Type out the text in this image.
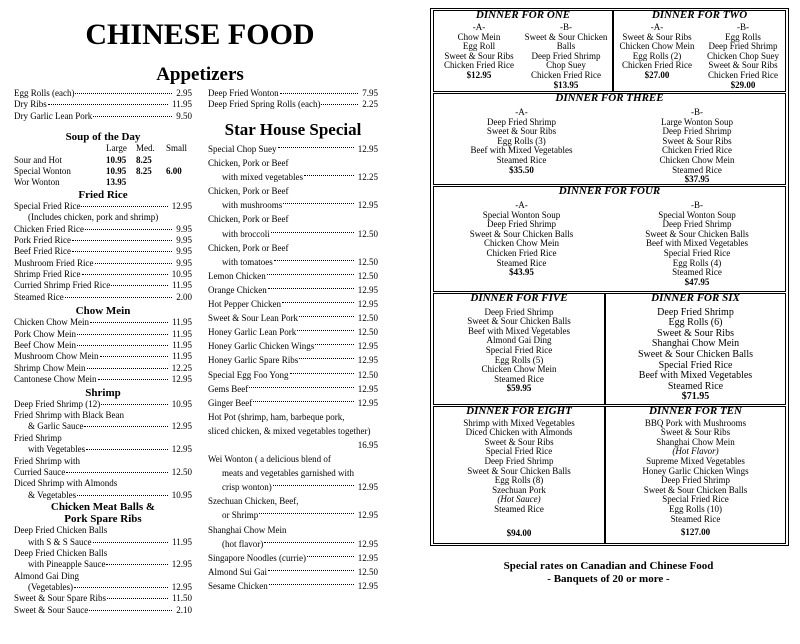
CHINESE FOOD
Appetizers
Egg Rolls (each)	2.95
Dry Ribs	11.95
Dry Garlic Lean Pork	9.50
Soup of the Day
Large Med. Small
Sour and Hot	10.95 8.25
Special Wonton	10.95 8.25 6.00
Wor Wonton	13.95
Fried Rice
Special Fried Rice	12.95
(Includes chicken, pork and shrimp)
Chicken Fried Rice	9.95
Pork Fried Rice	9.95
Beef Fried Rice	9.95
Mushroom Fried Rice	9.95
Shrimp Fried Rice	10.95
Curried Shrimp Fried Rice	11.95
Steamed Rice	2.00
Chow Mein
Chicken Chow Mein	11.95
Pork Chow Mein	11.95
Beef Chow Mein	11.95
Mushroom Chow Mein	11.95
Shrimp Chow Mein	12.25
Cantonese Chow Mein	12.95
Shrimp
Deep Fried Shrimp (12)	10.95
Fried Shrimp with Black Bean
& Garlic Sauce	12.95
Fried Shrimp
with Vegetables	12.95
Fried Shrimp with
Curried Sauce	12.50
Diced Shrimp with Almonds
& Vegetables	10.95
Chicken Meat Balls &
Pork Spare Ribs
Deep Fried Chicken Balls
with S & S Sauce	11.95
Deep Fried Chicken Balls
with Pineapple Sauce	12.95
Almond Gai Ding
(Vegetables)	12.95
Sweet & Sour Spare Ribs	11.50
Sweet & Sour Sauce	2.10
Deep Fried Wonton	7.95
Deep Fried Spring Rolls (each)	2.25
Star House Special
Special Chop Suey	12.95
Chicken, Pork or Beef
with mixed vegetables	12.25
Chicken, Pork or Beef
with mushrooms	12.95
Chicken, Pork or Beef
with broccoli	12.50
Chicken, Pork or Beef
with tomatoes	12.50
Lemon Chicken	12.50
Orange Chicken	12.95
Hot Pepper Chicken	12.95
Sweet & Sour Lean Pork	12.50
Honey Garlic Lean Pork	12.50
Honey Garlic Chicken Wings	12.95
Honey Garlic Spare Ribs	12.95
Special Egg Foo Yong	12.50
Gems Beef	12.95
Ginger Beef	12.95
Hot Pot (shrimp, ham, barbeque pork,
sliced chicken, & mixed vegetables together)
16.95
Wei Wonton ( a delicious blend of
meats and vegetables garnished with
crisp wonton)	12.95
Szechuan Chicken, Beef,
or Shrimp	12.95
Shanghai Chow Mein
(hot flavor)	12.95
Singapore Noodles (currie)	12.95
Almond Sui Gai	12.50
Sesame Chicken	12.95
DINNER FOR ONE
-A-
Chow Mein
Egg Roll
Sweet & Sour Ribs
Chicken Fried Rice
$12.95
-B-
Sweet & Sour Chicken
Balls
Deep Fried Shrimp
Chop Suey
Chicken Fried Rice
$13.95
DINNER FOR TWO
-A-
Sweet & Sour Ribs
Chicken Chow Mein
Egg Rolls (2)
Chicken Fried Rice
$27.00
-B-
Egg Rolls
Deep Fried Shrimp
Chicken Chop Suey
Sweet & Sour Ribs
Chicken Fried Rice
$29.00
DINNER FOR THREE
-A-
Deep Fried Shrimp
Sweet & Sour Ribs
Egg Rolls (3)
Beef with Mixed Vegetables
Steamed Rice
$35.50
-B-
Large Wonton Soup
Deep Fried Shrimp
Sweet & Sour Ribs
Chicken Fried Rice
Chicken Chow Mein
Steamed Rice
$37.95
DINNER FOR FOUR
-A-
Special Wonton Soup
Deep Fried Shrimp
Sweet & Sour Chicken Balls
Chicken Chow Mein
Chicken Fried Rice
Steamed Rice
$43.95
-B-
Special Wonton Soup
Deep Fried Shrimp
Sweet & Sour Chicken Balls
Beef with Mixed Vegetables
Special Fried Rice
Egg Rolls (4)
Steamed Rice
$47.95
DINNER FOR FIVE
Deep Fried Shrimp
Sweet & Sour Chicken Balls
Beef with Mixed Vegetables
Almond Gai Ding
Special Fried Rice
Egg Rolls (5)
Chicken Chow Mein
Steamed Rice
$59.95
DINNER FOR SIX
Deep Fried Shrimp
Egg Rolls (6)
Sweet & Sour Ribs
Shanghai Chow Mein
Sweet & Sour Chicken Balls
Special Fried Rice
Beef with Mixed Vegetables
Steamed Rice
$71.95
DINNER FOR EIGHT
Shrimp with Mixed Vegetables
Diced Chicken with Almonds
Sweet & Sour Ribs
Special Fried Rice
Deep Fried Shrimp
Sweet & Sour Chicken Balls
Egg Rolls (8)
Szechuan Pork
(Hot Sauce)
Steamed Rice
$94.00
DINNER FOR TEN
BBQ Pork with Mushrooms
Sweet & Sour Ribs
Shanghai Chow Mein
(Hot Flavor)
Supreme Mixed Vegetables
Honey Garlic Chicken Wings
Deep Fried Shrimp
Sweet & Sour Chicken Balls
Special Fried Rice
Egg Rolls (10)
Steamed Rice
$127.00
Special rates on Canadian and Chinese Food
- Banquets of 20 or more -
